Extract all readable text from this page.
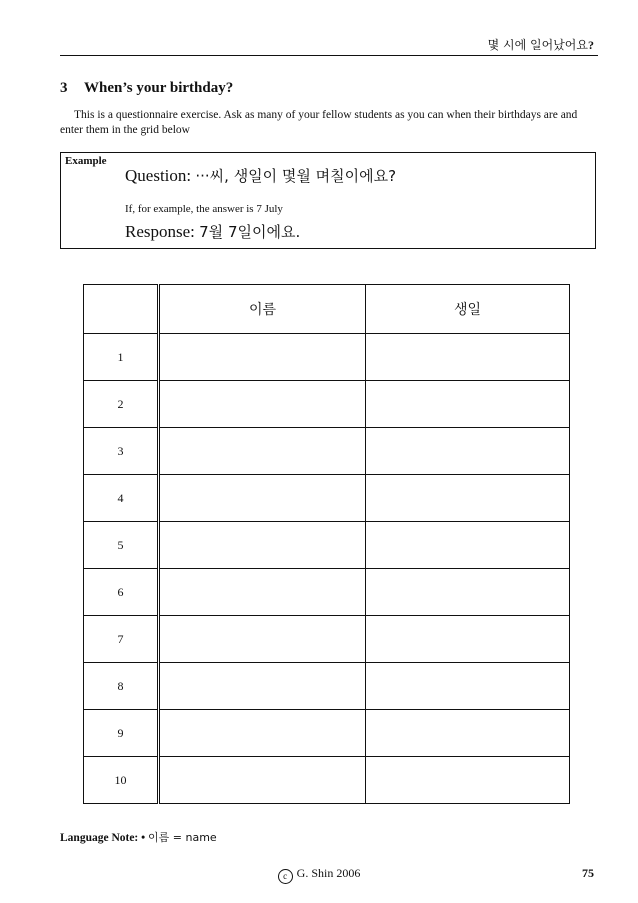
몇 시에 일어났어요?
3 When’s your birthday?
This is a questionnaire exercise. Ask as many of your fellow students as you can when their birthdays are and enter them in the grid below
Example
Question: ···씨, 생일이 몇월 며칠이에요?
If, for example, the answer is 7 July
Response: 7월 7일이에요.
	이름	생일
1		
2		
3		
4		
5		
6		
7		
8		
9		
10		
Language Note: • 이름 = name
c G. Shin 2006	75
